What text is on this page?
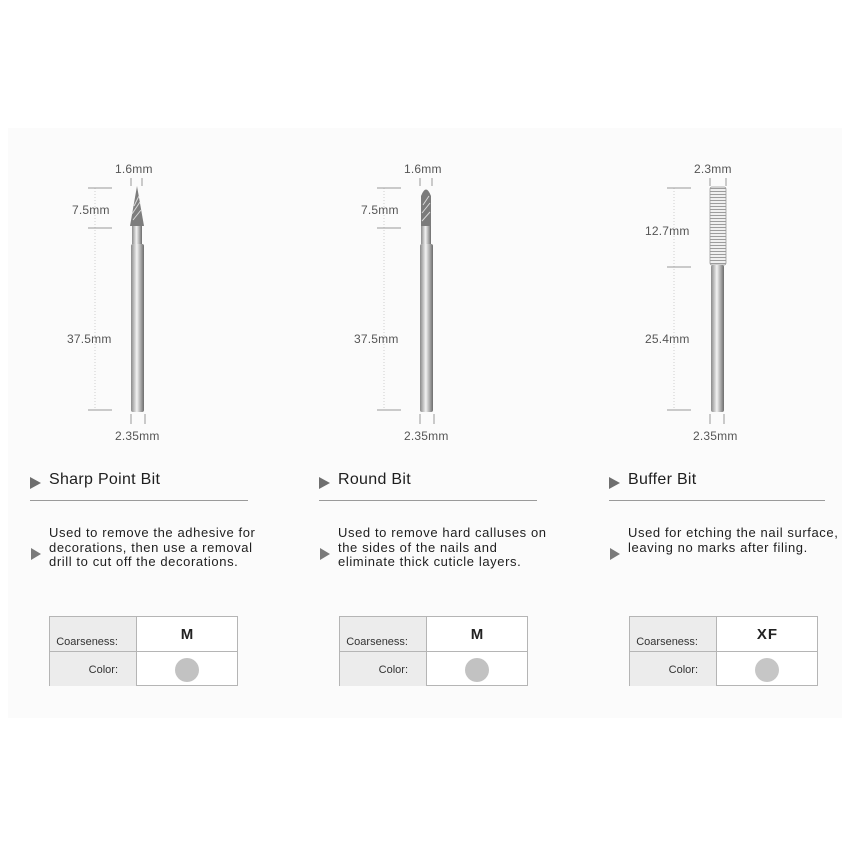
1.6mm
7.5mm
37.5mm
2.35mm
Sharp Point Bit
Used to remove the adhesive for decorations, then use a removal drill to cut off the decorations.
Coarseness:	M
Color:
1.6mm
7.5mm
37.5mm
2.35mm
Round Bit
Used to remove hard calluses on the sides of the nails and eliminate thick cuticle layers.
Coarseness:	M
Color:
2.3mm
12.7mm
25.4mm
2.35mm
Buffer Bit
Used for etching the nail surface, leaving no marks after filing.
Coarseness:	XF
Color:
